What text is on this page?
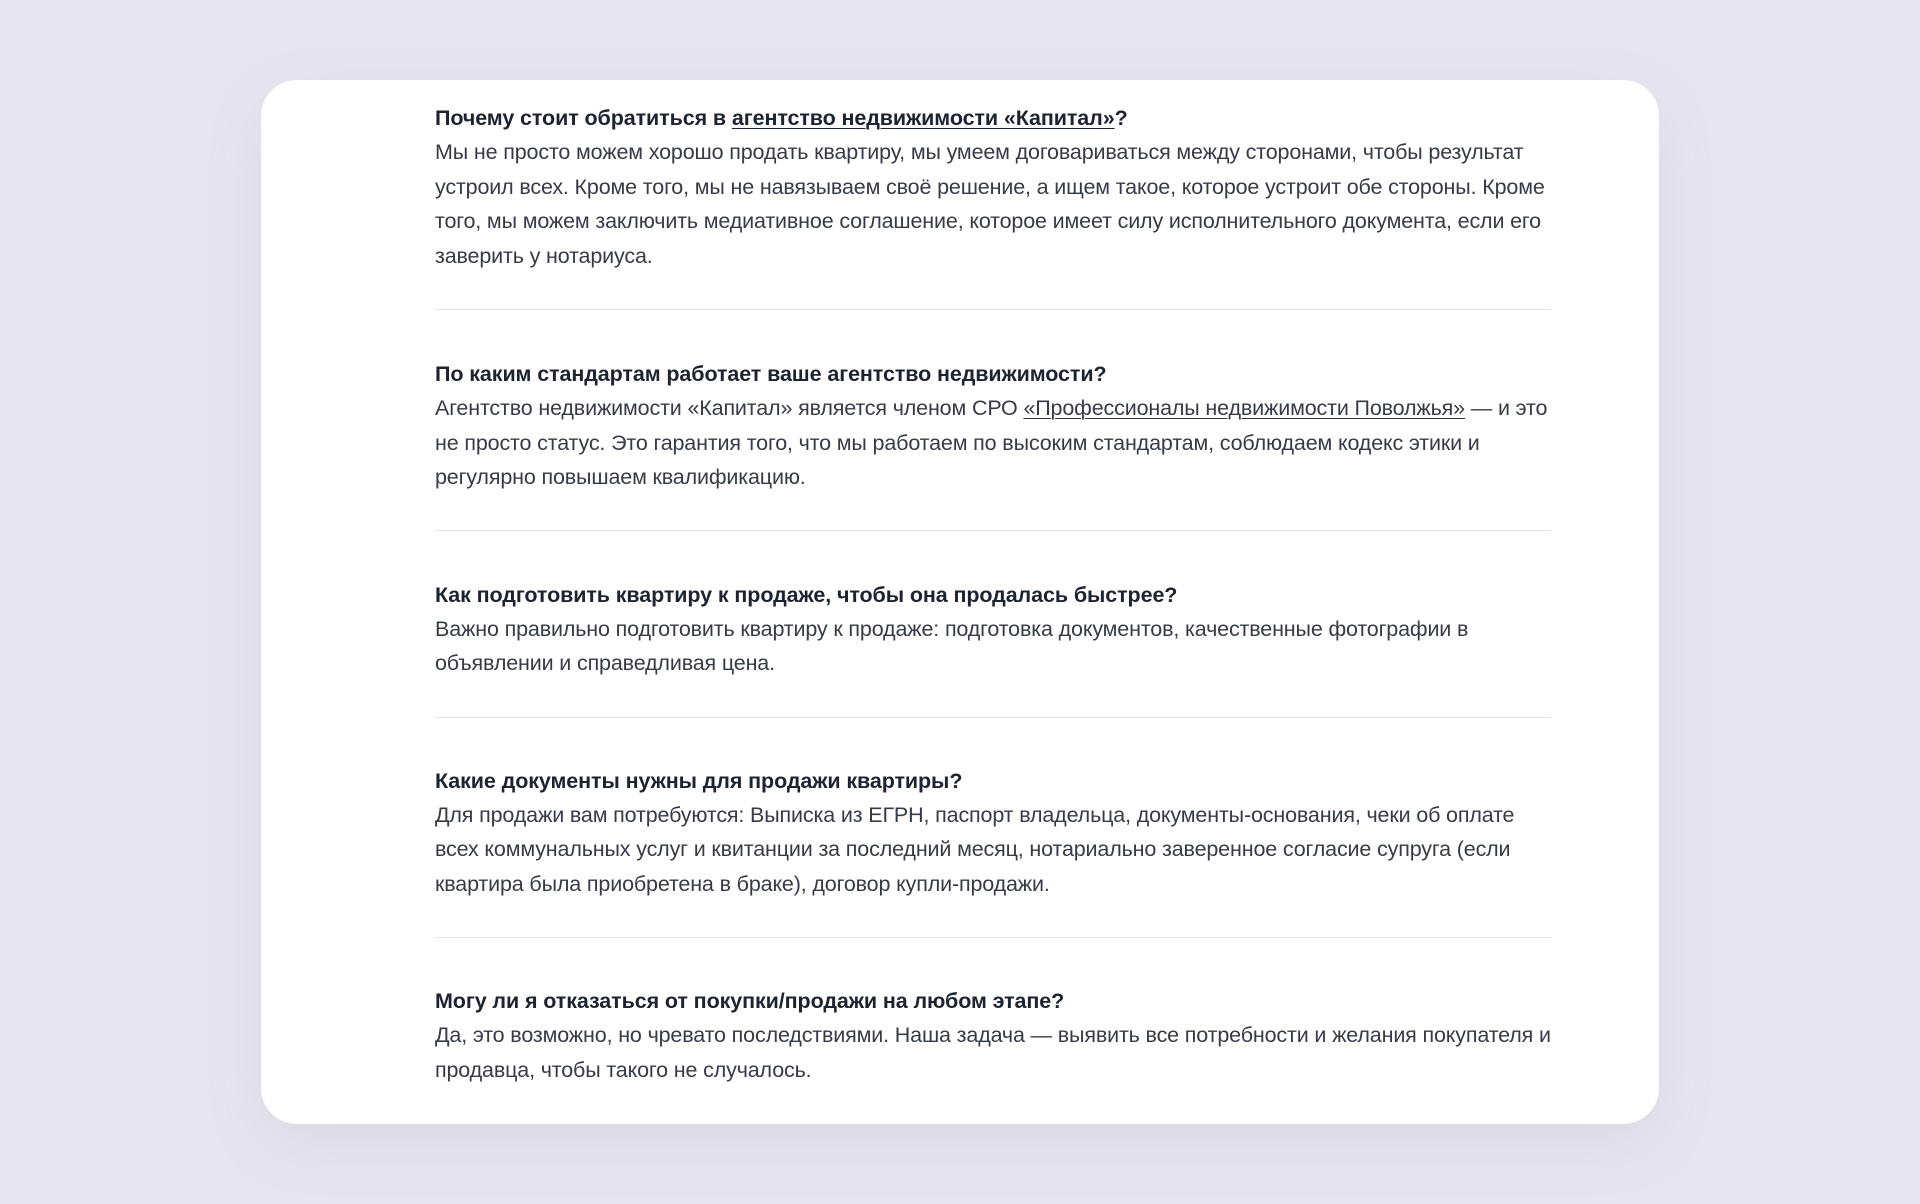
Почему стоит обратиться в агентство недвижимости «Капитал»?
Мы не просто можем хорошо продать квартиру, мы умеем договариваться между сторонами, чтобы результат устроил всех. Кроме того, мы не навязываем своё решение, а ищем такое, которое устроит обе стороны. Кроме того, мы можем заключить медиативное соглашение, которое имеет силу исполнительного документа, если его заверить у нотариуса.
По каким стандартам работает ваше агентство недвижимости?
Агентство недвижимости «Капитал» является членом СРО «Профессионалы недвижимости Поволжья» — и это не просто статус. Это гарантия того, что мы работаем по высоким стандартам, соблюдаем кодекс этики и регулярно повышаем квалификацию.
Как подготовить квартиру к продаже, чтобы она продалась быстрее?
Важно правильно подготовить квартиру к продаже: подготовка документов, качественные фотографии в объявлении и справедливая цена.
Какие документы нужны для продажи квартиры?
Для продажи вам потребуются: Выписка из ЕГРН, паспорт владельца, документы-основания, чеки об оплате всех коммунальных услуг и квитанции за последний месяц, нотариально заверенное согласие супруга (если квартира была приобретена в браке), договор купли-продажи.
Могу ли я отказаться от покупки/продажи на любом этапе?
Да, это возможно, но чревато последствиями. Наша задача — выявить все потребности и желания покупателя и продавца, чтобы такого не случалось.
